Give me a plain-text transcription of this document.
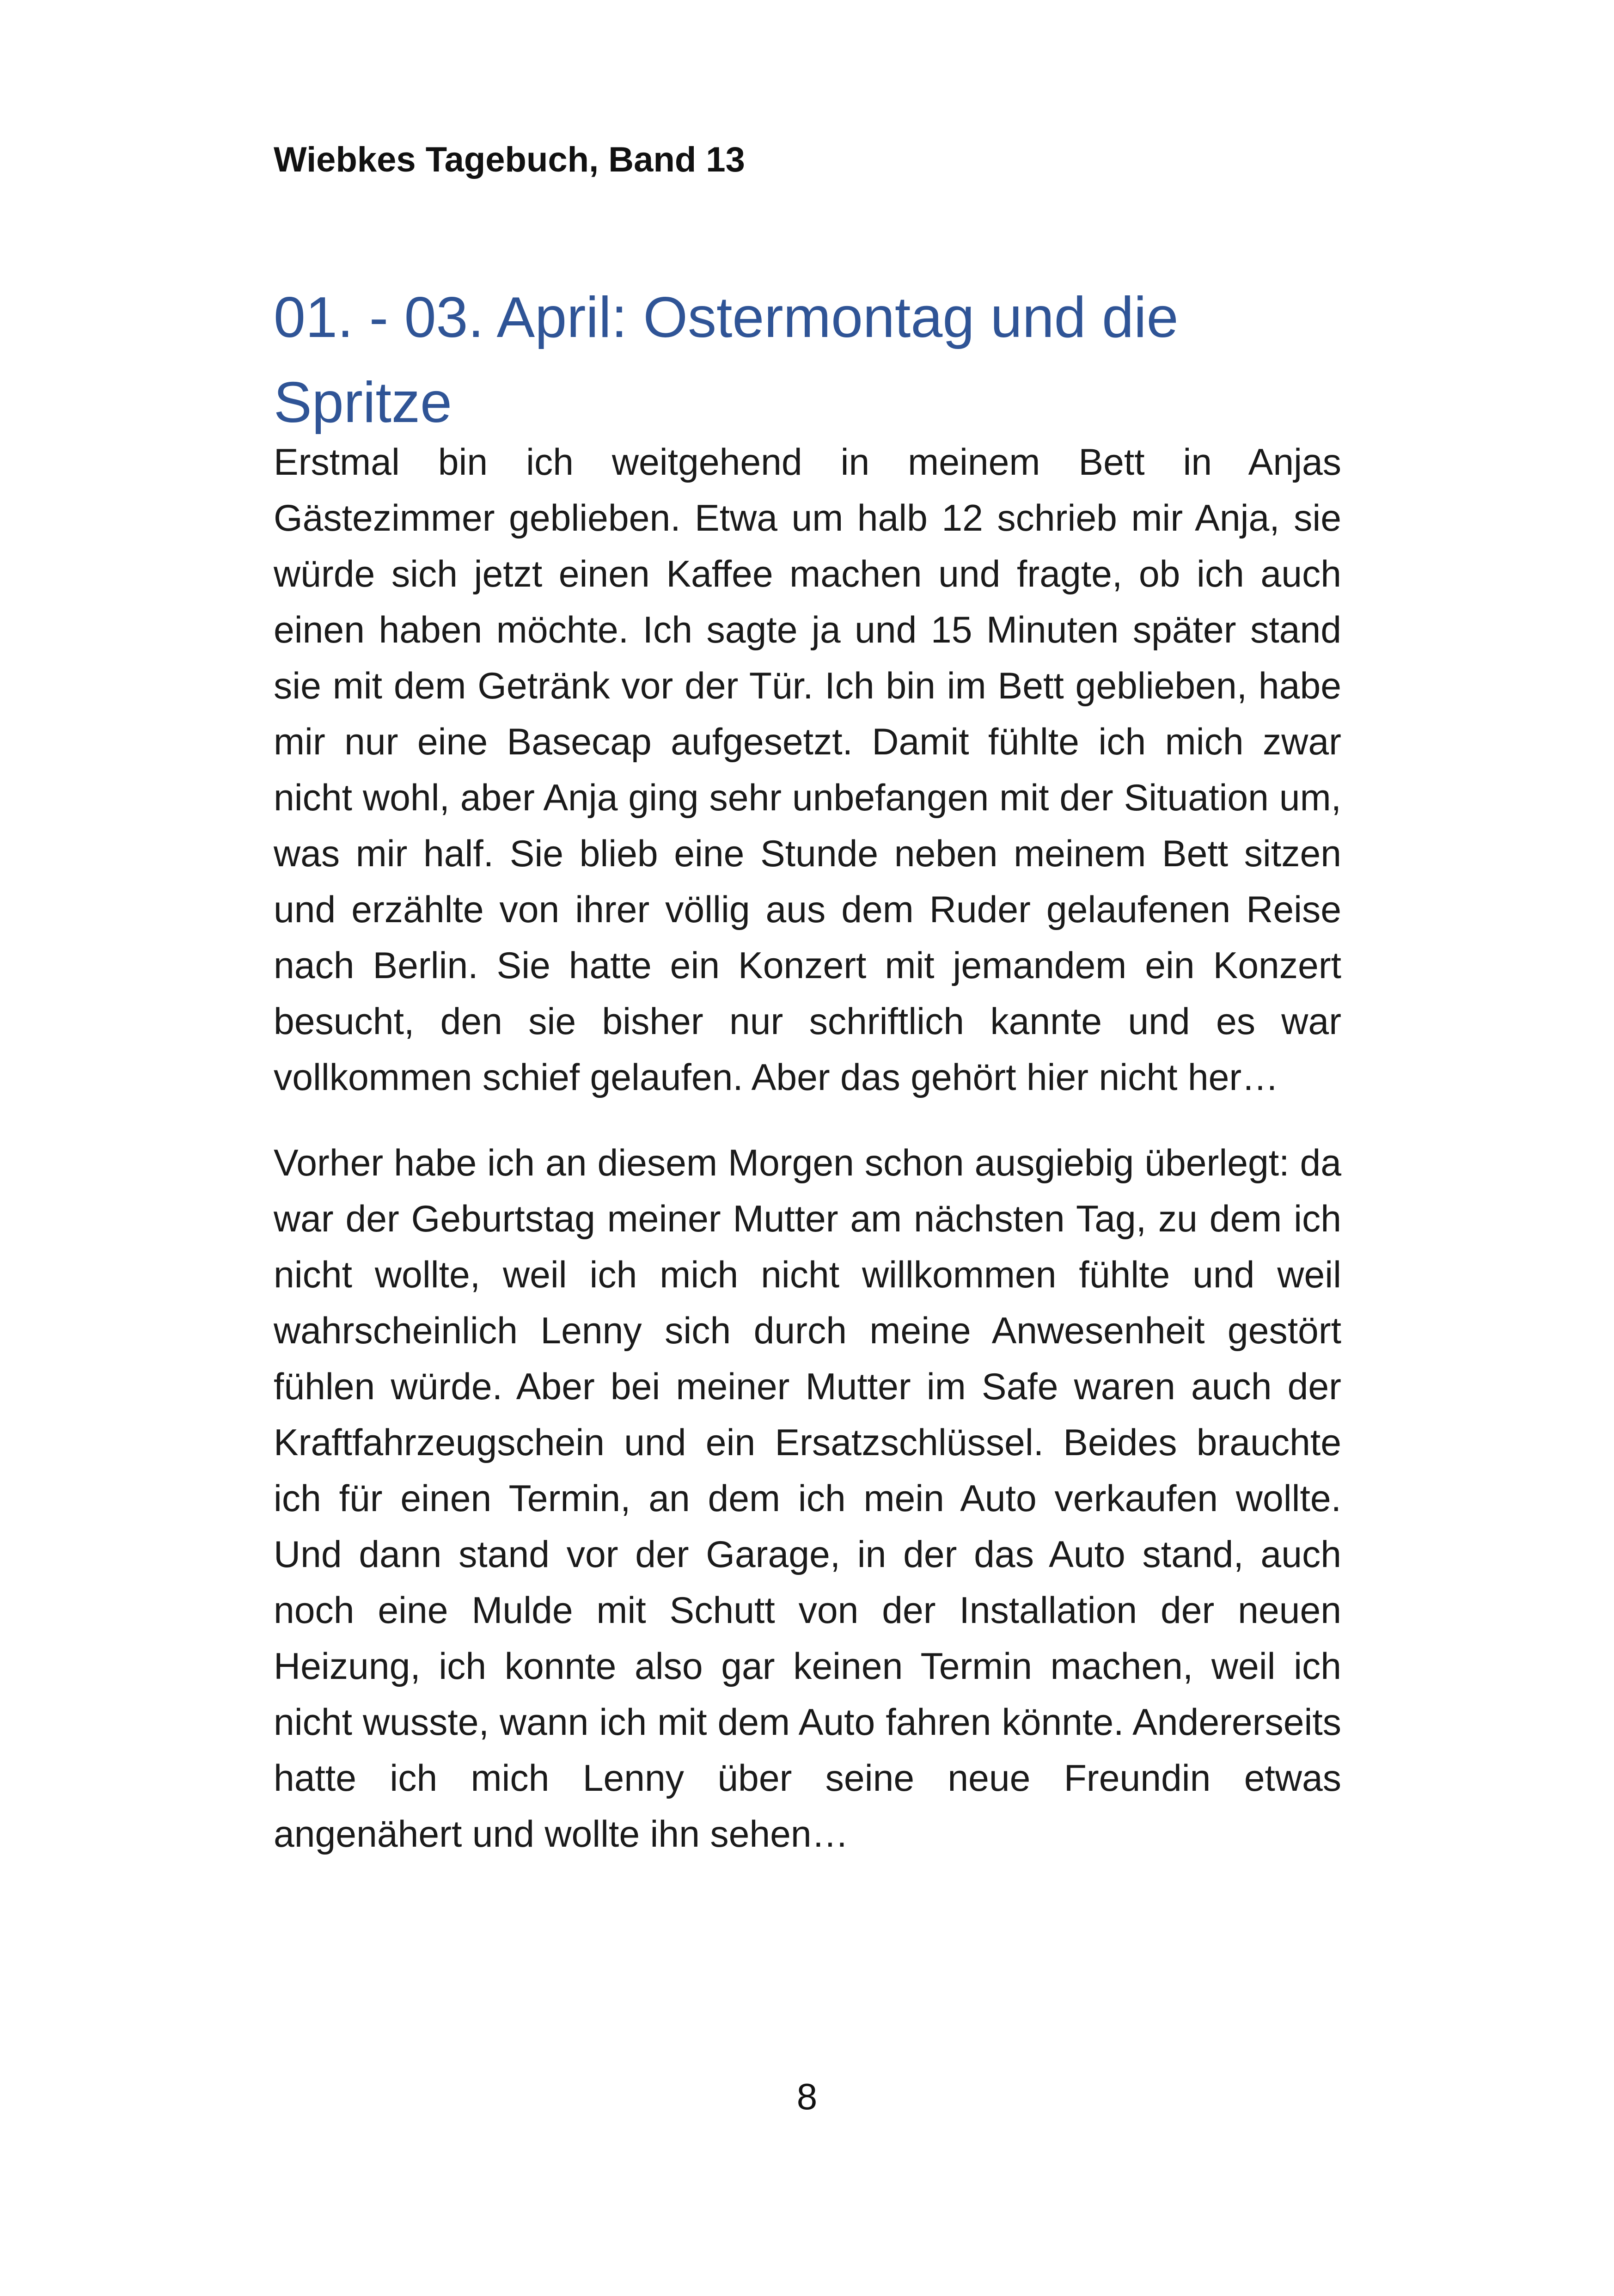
Wiebkes Tagebuch, Band 13
01. - 03. April: Ostermontag und die Spritze

Erstmal bin ich weitgehend in meinem Bett in Anjas Gästezimmer geblieben. Etwa um halb 12 schrieb mir Anja, sie würde sich jetzt einen Kaffee machen und fragte, ob ich auch einen haben möchte. Ich sagte ja und 15 Minuten später stand sie mit dem Getränk vor der Tür. Ich bin im Bett geblieben, habe mir nur eine Basecap aufgesetzt. Damit fühlte ich mich zwar nicht wohl, aber Anja ging sehr unbefangen mit der Situation um, was mir half. Sie blieb eine Stunde neben meinem Bett sitzen und erzählte von ihrer völlig aus dem Ruder gelaufenen Reise nach Berlin. Sie hatte ein Konzert mit jemandem ein Konzert besucht, den sie bisher nur schriftlich kannte und es war vollkommen schief gelaufen. Aber das gehört hier nicht her…

Vorher habe ich an diesem Morgen schon ausgiebig überlegt: da war der Geburtstag meiner Mutter am nächsten Tag, zu dem ich nicht wollte, weil ich mich nicht willkommen fühlte und weil wahrscheinlich Lenny sich durch meine Anwesenheit gestört fühlen würde. Aber bei meiner Mutter im Safe waren auch der Kraftfahrzeugschein und ein Ersatzschlüssel. Beides brauchte ich für einen Termin, an dem ich mein Auto verkaufen wollte. Und dann stand vor der Garage, in der das Auto stand, auch noch eine Mulde mit Schutt von der Installation der neuen Heizung, ich konnte also gar keinen Termin machen, weil ich nicht wusste, wann ich mit dem Auto fahren könnte. Andererseits hatte ich mich Lenny über seine neue Freundin etwas angenähert und wollte ihn sehen…

8
